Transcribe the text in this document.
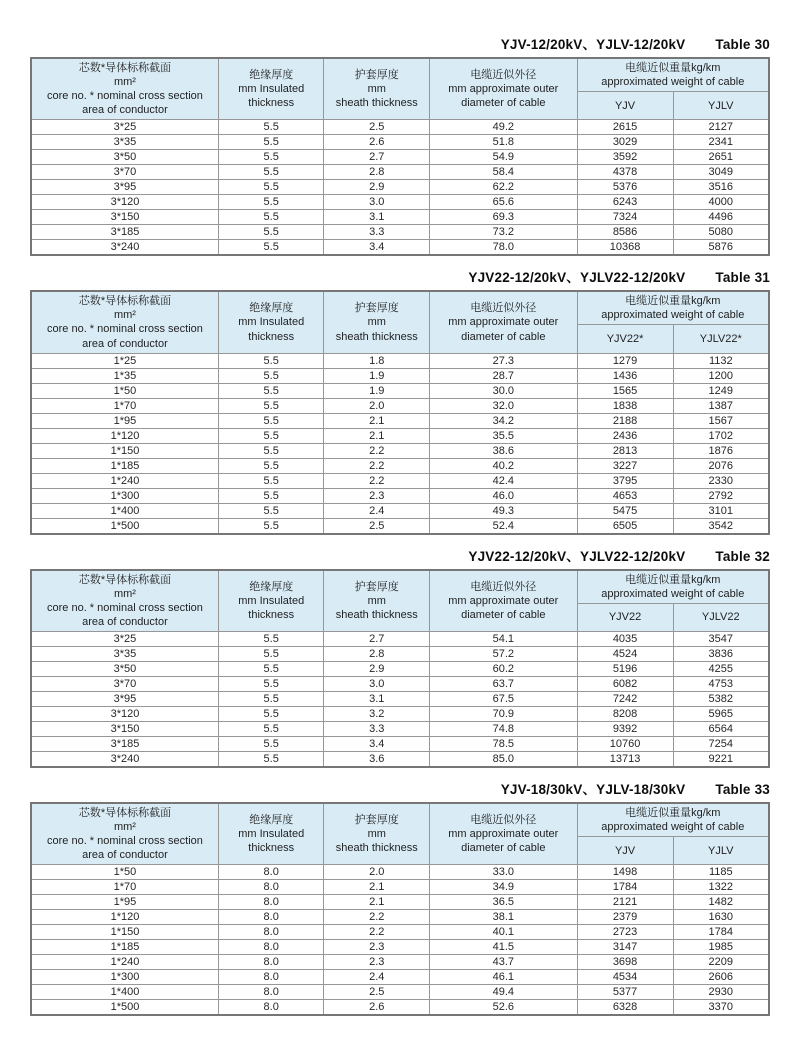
YJV-12/20kV、YJLV-12/20kV Table 30
芯数*导体标称截面
mm²
core no. * nominal cross section
area of conductor

绝缘厚度
mm Insulated
thickness

护套厚度
mm
sheath thickness

电缆近似外径
mm approximate outer
diameter of cable

电缆近似重量kg/km
approximated weight of cable

				YJV	YJLV
3*25	5.5	2.5	49.2	2615	2127
3*35	5.5	2.6	51.8	3029	2341
3*50	5.5	2.7	54.9	3592	2651
3*70	5.5	2.8	58.4	4378	3049
3*95	5.5	2.9	62.2	5376	3516
3*120	5.5	3.0	65.6	6243	4000
3*150	5.5	3.1	69.3	7324	4496
3*185	5.5	3.3	73.2	8586	5080
3*240	5.5	3.4	78.0	10368	5876
YJV22-12/20kV、YJLV22-12/20kV Table 31
芯数*导体标称截面
mm²
core no. * nominal cross section
area of conductor

绝缘厚度
mm Insulated
thickness

护套厚度
mm
sheath thickness

电缆近似外径
mm approximate outer
diameter of cable

电缆近似重量kg/km
approximated weight of cable

				YJV22*	YJLV22*
1*25	5.5	1.8	27.3	1279	1132
1*35	5.5	1.9	28.7	1436	1200
1*50	5.5	1.9	30.0	1565	1249
1*70	5.5	2.0	32.0	1838	1387
1*95	5.5	2.1	34.2	2188	1567
1*120	5.5	2.1	35.5	2436	1702
1*150	5.5	2.2	38.6	2813	1876
1*185	5.5	2.2	40.2	3227	2076
1*240	5.5	2.2	42.4	3795	2330
1*300	5.5	2.3	46.0	4653	2792
1*400	5.5	2.4	49.3	5475	3101
1*500	5.5	2.5	52.4	6505	3542
YJV22-12/20kV、YJLV22-12/20kV Table 32
芯数*导体标称截面
mm²
core no. * nominal cross section
area of conductor

绝缘厚度
mm Insulated
thickness

护套厚度
mm
sheath thickness

电缆近似外径
mm approximate outer
diameter of cable

电缆近似重量kg/km
approximated weight of cable

				YJV22	YJLV22
3*25	5.5	2.7	54.1	4035	3547
3*35	5.5	2.8	57.2	4524	3836
3*50	5.5	2.9	60.2	5196	4255
3*70	5.5	3.0	63.7	6082	4753
3*95	5.5	3.1	67.5	7242	5382
3*120	5.5	3.2	70.9	8208	5965
3*150	5.5	3.3	74.8	9392	6564
3*185	5.5	3.4	78.5	10760	7254
3*240	5.5	3.6	85.0	13713	9221
YJV-18/30kV、YJLV-18/30kV Table 33
芯数*导体标称截面
mm²
core no. * nominal cross section
area of conductor

绝缘厚度
mm Insulated
thickness

护套厚度
mm
sheath thickness

电缆近似外径
mm approximate outer
diameter of cable

电缆近似重量kg/km
approximated weight of cable

				YJV	YJLV
1*50	8.0	2.0	33.0	1498	1185
1*70	8.0	2.1	34.9	1784	1322
1*95	8.0	2.1	36.5	2121	1482
1*120	8.0	2.2	38.1	2379	1630
1*150	8.0	2.2	40.1	2723	1784
1*185	8.0	2.3	41.5	3147	1985
1*240	8.0	2.3	43.7	3698	2209
1*300	8.0	2.4	46.1	4534	2606
1*400	8.0	2.5	49.4	5377	2930
1*500	8.0	2.6	52.6	6328	3370
